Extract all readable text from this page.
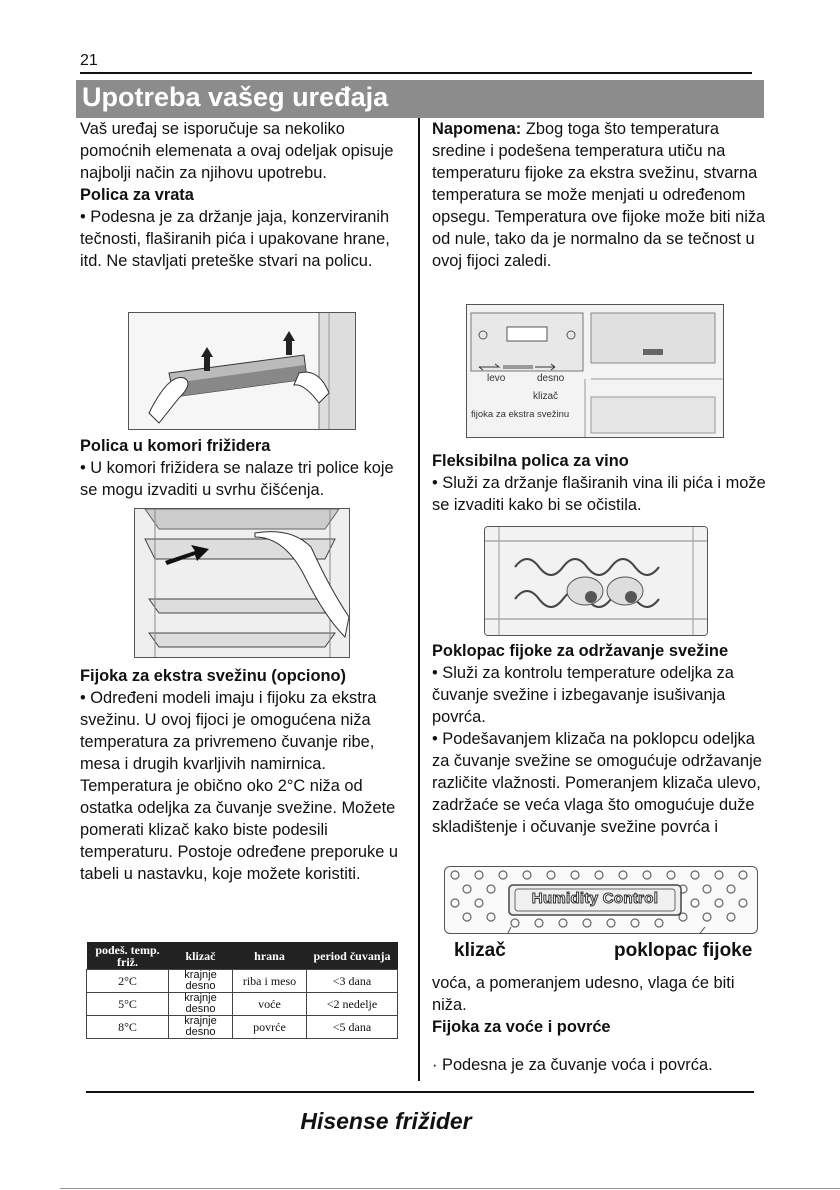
21
Upotreba vašeg uređaja

Vaš uređaj se isporučuje sa nekoliko pomoćnih elemenata a ovaj odeljak opisuje najbolji način za njihovu upotrebu.

Polica za vrata

• Podesna je za držanje jaja, konzerviranih tečnosti, flaširanih pića i upakovane hrane, itd. Ne stavljati preteške stvari na policu.

Polica u komori frižidera

• U komori frižidera se nalaze tri police koje se mogu izvaditi u svrhu čišćenja.

Fijoka za ekstra svežinu (opciono)

• Određeni modeli imaju i fijoku za ekstra svežinu. U ovoj fijoci je omogućena niža temperatura za privremeno čuvanje ribe, mesa i drugih kvarljivih namirnica.

Temperatura je obično oko 2°C niža od ostatka odeljka za čuvanje svežine. Možete pomerati klizač kako biste podesili temperaturu. Postoje određene preporuke u tabeli u nastavku, koje možete koristiti.

podeš. temp. friž.	klizač	hrana	period čuvanja
2°C	krajnje desno	riba i meso	<3 dana
5°C	krajnje desno	voće	<2 nedelje
8°C	krajnje desno	povrće	<5 dana

Napomena: Zbog toga što temperatura sredine i podešena temperatura utiču na temperaturu fijoke za ekstra svežinu, stvarna temperatura se može menjati u određenom opsegu. Temperatura ove fijoke može biti niža od nule, tako da je normalno da se tečnost u ovoj fijoci zaledi.

levo	desno
klizač
fijoka za ekstra svežinu

Fleksibilna polica za vino

• Služi za držanje flaširanih vina ili pića i može se izvaditi kako bi se očistila.

Poklopac fijoke za održavanje svežine

• Služi za kontrolu temperature odeljka za čuvanje svežine i izbegavanje isušivanja povrća.

• Podešavanjem klizača na poklopcu odeljka za čuvanje svežine se omogućuje održavanje različite vlažnosti. Pomeranjem klizača ulevo, zadržaće se veća vlaga što omogućuje duže skladištenje i očuvanje svežine povrća i

Humidity Control
klizač	poklopac fijoke

voća, a pomeranjem udesno, vlaga će biti niža.

Fijoka za voće i povrće

· Podesna je za čuvanje voća i povrća.

Hisense frižider
